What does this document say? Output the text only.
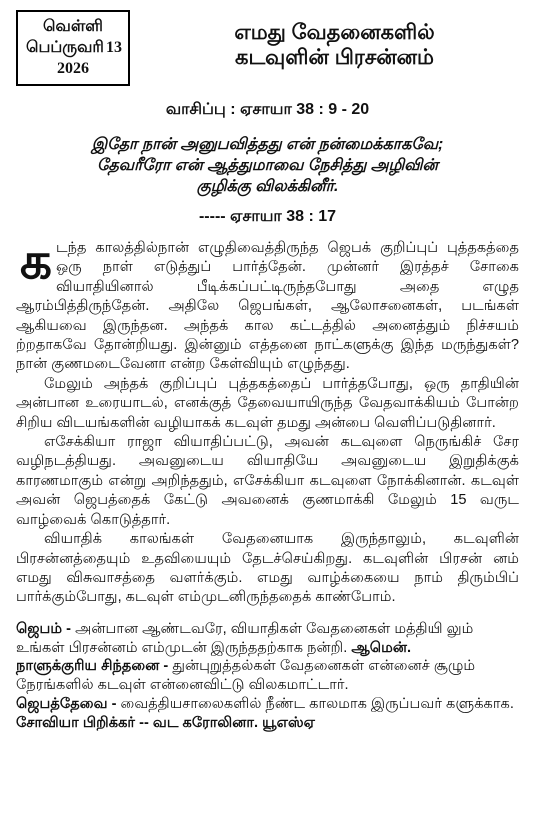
வெள்ளி
பெப்ருவரி 13
2026
எமது வேதனைகளில்
கடவுளின் பிரசன்னம்
வாசிப்பு : ஏசாயா 38 : 9 - 20
இதோ நான் அனுபவித்தது என் நன்மைக்காகவே;
தேவரீரோ என் ஆத்துமாவை நேசித்து அழிவின்
குழிக்கு விலக்கினீர்.
----- ஏசாயா 38 : 17

கடந்த காலத்தில்நான் எழுதிவைத்திருந்த ஜெபக் குறிப்புப் புத்தகத்தை ஒரு நாள் எடுத்துப் பார்த்தேன். முன்னர் இரத்தச் சோகை வியாதியினால் பீடிக்கப்பட்டிருந்தபோது அதை எழுத ஆரம்பித்திருந்தேன். அதிலே ஜெபங்கள், ஆலோசனைகள், படங்கள் ஆகியவை இருந்தன. அந்தக் கால கட்டத்தில் அனைத்தும் நிச்சயம் ற்றதாகவே தோன்றியது. இன்னும் எத்தனை நாட்களுக்கு இந்த மருந்துகள்? நான் குணமடைவேனா என்ற கேள்வியும் எழுந்தது.

மேலும் அந்தக் குறிப்புப் புத்தகத்தைப் பார்த்தபோது, ஒரு தாதியின் அன்பான உரையாடல், எனக்குத் தேவையாயிருந்த வேதவாக்கியம் போன்ற சிறிய விடயங்களின் வழியாகக் கடவுள் தமது அன்பை வெளிப்படுதினார்.

எசேக்கியா ராஜா வியாதிப்பட்டு, அவன் கடவுளை நெருங்கிச் சேர வழிநடத்தியது. அவனுடைய வியாதியே அவனுடைய இறுதிக்குக் காரணமாகும் என்று அறிந்ததும், எசேக்கியா கடவுளை நோக்கினான். கடவுள் அவன் ஜெபத்தைக் கேட்டு அவனைக் குணமாக்கி மேலும் 15 வருட வாழ்வைக் கொடுத்தார்.

வியாதிக் காலங்கள் வேதனையாக இருந்தாலும், கடவுளின் பிரசன்னத்தையும் உதவியையும் தேடச்செய்கிறது. கடவுளின் பிரசன் னம் எமது விசுவாசத்தை வளர்க்கும். எமது வாழ்க்கையை நாம் திரும்பிப் பார்க்கும்போது, கடவுள் எம்முடனிருந்ததைக் காண்போம்.

ஜெபம் - அன்பான ஆண்டவரே, வியாதிகள் வேதனைகள் மத்தியி லும் உங்கள் பிரசன்னம் எம்முடன் இருந்ததற்காக நன்றி. ஆமென்.

நாளுக்குரிய சிந்தனை - துன்புறுத்தல்கள் வேதனைகள் என்னைச் சூழும் நேரங்களில் கடவுள் என்னைவிட்டு விலகமாட்டார்.

ஜெபத்தேவை - வைத்தியசாலைகளில் நீண்ட காலமாக இருப்பவர் களுக்காக.

சோவியா பிறிக்கர் -- வட கரோலினா. யூஎஸ்ஏ
